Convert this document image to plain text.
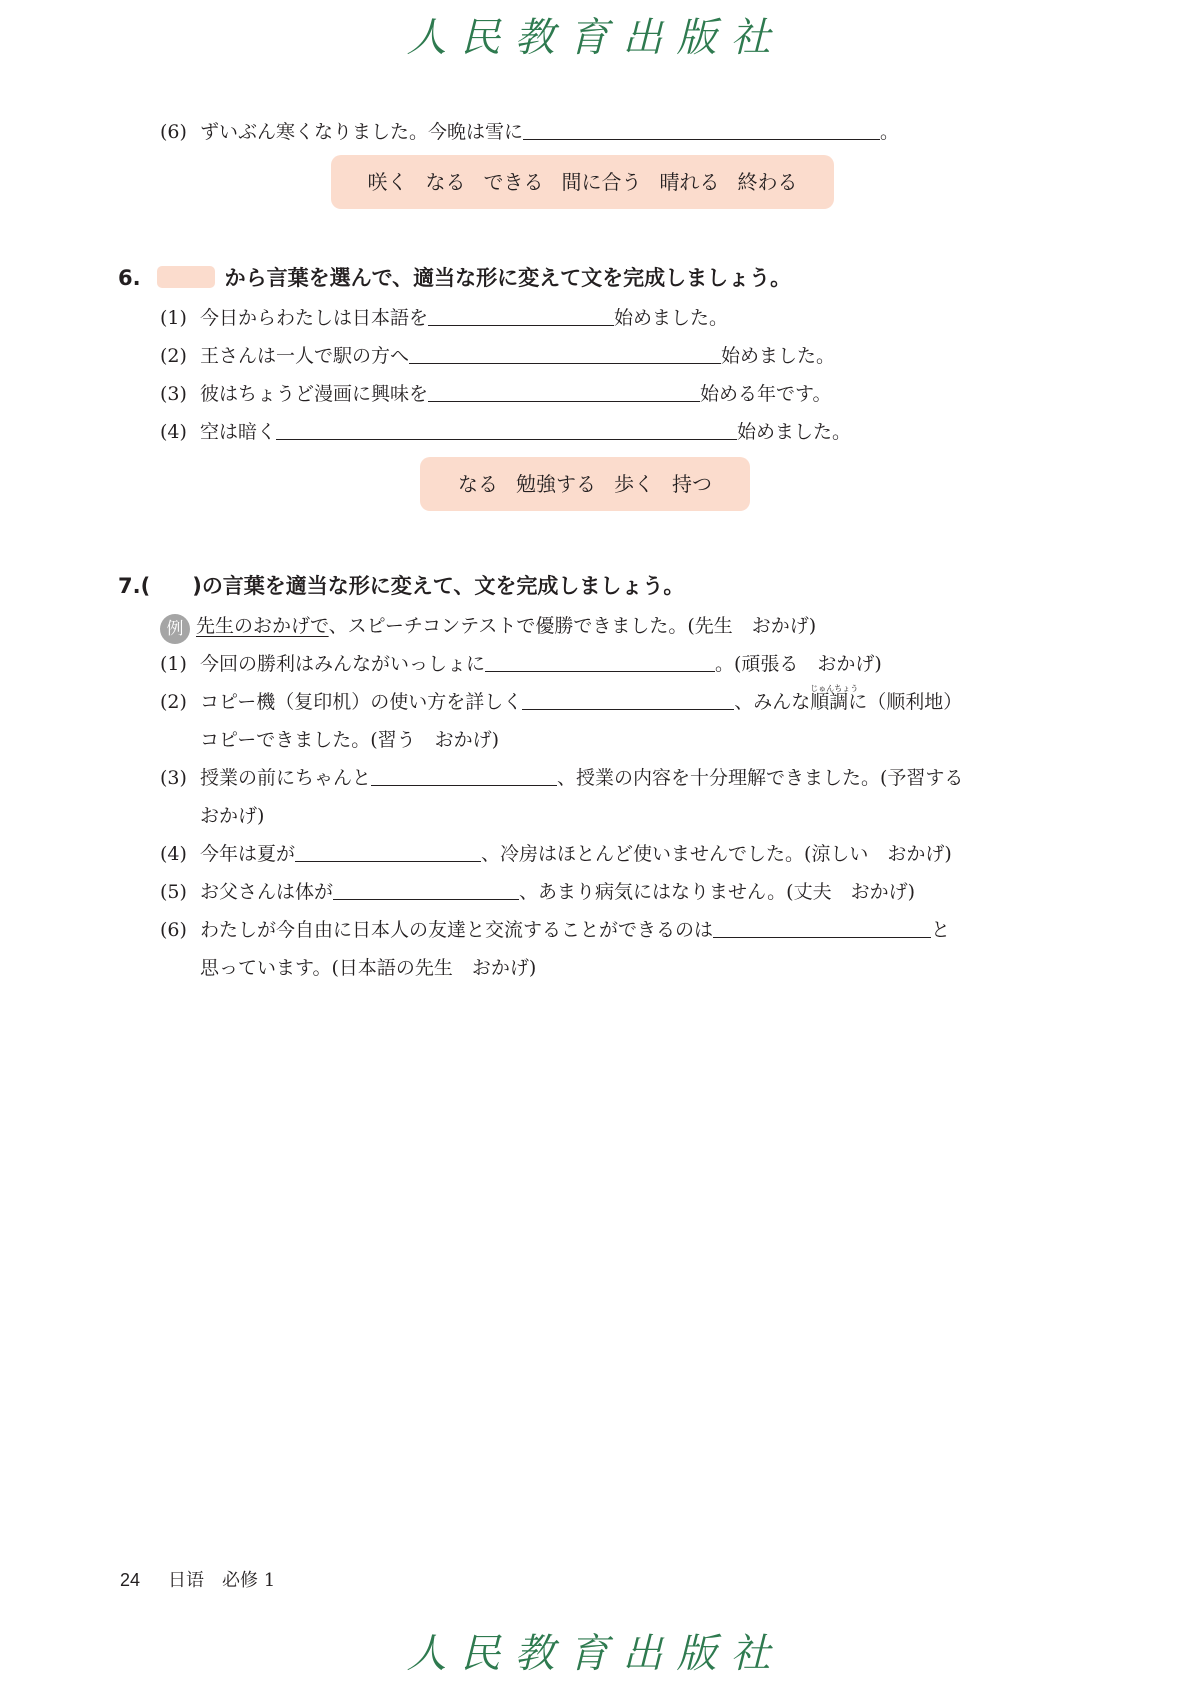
人民教育出版社
(6) ずいぶん寒くなりました。今晩は雪に	。
咲く なる できる 間に合う 晴れる 終わる
6.	から言葉を選んで、適当な形に変えて文を完成しましょう。
(1) 今日からわたしは日本語を	始めました。
(2) 王さんは一人で駅の方へ	始めました。
(3) 彼はちょうど漫画に興味を	始める年です。
(4) 空は暗く	始めました。
なる 勉強する 歩く 持つ
7.( )の言葉を適当な形に変えて、文を完成しましょう。
例 先生のおかげで、スピーチコンテストで優勝できました。(先生　おかげ)
(1) 今回の勝利はみんながいっしょに	。(頑張る　おかげ)
(2) コピー機（复印机）の使い方を詳しく	、みんな
じゅんちょう
順調に（顺利地）
コピーできました。(習う　おかげ)
(3) 授業の前にちゃんと	、授業の内容を十分理解できました。(予習する
おかげ)
(4) 今年は夏が	、冷房はほとんど使いませんでした。(涼しい　おかげ)
(5) お父さんは体が	、あまり病気にはなりません。(丈夫　おかげ)
(6) わたしが今自由に日本人の友達と交流することができるのは	と
思っています。(日本語の先生　おかげ)
24 日语　必修 1
人民教育出版社
